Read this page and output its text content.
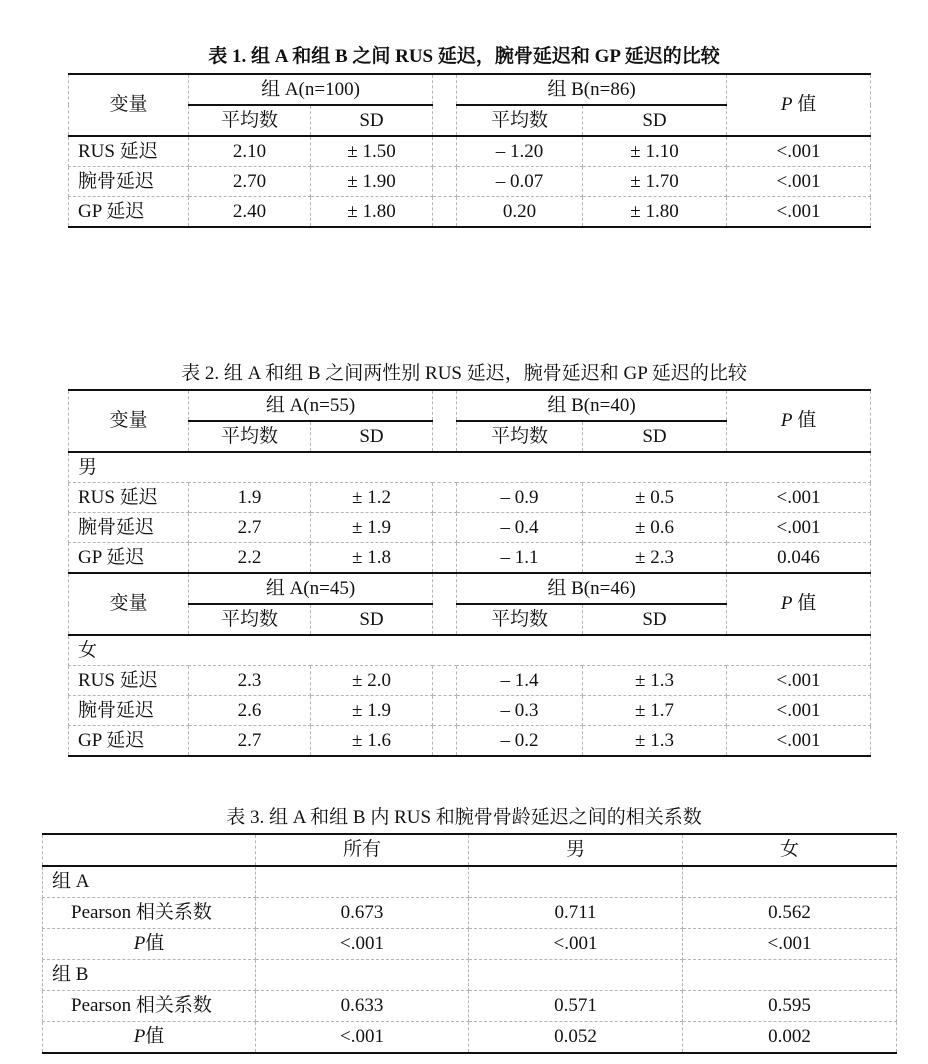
表 1. 组 A 和组 B 之间 RUS 延迟，腕骨延迟和 GP 延迟的比较
变量	组 A(n=100)			组 B(n=86)		P 值
	平均数	SD		平均数	SD	
RUS 延迟	2.10	± 1.50		– 1.20	± 1.10	<.001
腕骨延迟	2.70	± 1.90		– 0.07	± 1.70	<.001
GP 延迟	2.40	± 1.80		0.20	± 1.80	<.001
表 2. 组 A 和组 B 之间两性别 RUS 延迟，腕骨延迟和 GP 延迟的比较
变量	组 A(n=55)			组 B(n=40)		P 值
	平均数	SD		平均数	SD	
男						
RUS 延迟	1.9	± 1.2		– 0.9	± 0.5	<.001
腕骨延迟	2.7	± 1.9		– 0.4	± 0.6	<.001
GP 延迟	2.2	± 1.8		– 1.1	± 2.3	0.046
变量	组 A(n=45)			组 B(n=46)		P 值
	平均数	SD		平均数	SD	
女						
RUS 延迟	2.3	± 2.0		– 1.4	± 1.3	<.001
腕骨延迟	2.6	± 1.9		– 0.3	± 1.7	<.001
GP 延迟	2.7	± 1.6		– 0.2	± 1.3	<.001
表 3. 组 A 和组 B 内 RUS 和腕骨骨龄延迟之间的相关系数
	所有	男	女
组 A			
Pearson 相关系数	0.673	0.711	0.562
P值	<.001	<.001	<.001
组 B			
Pearson 相关系数	0.633	0.571	0.595
P值	<.001	0.052	0.002
